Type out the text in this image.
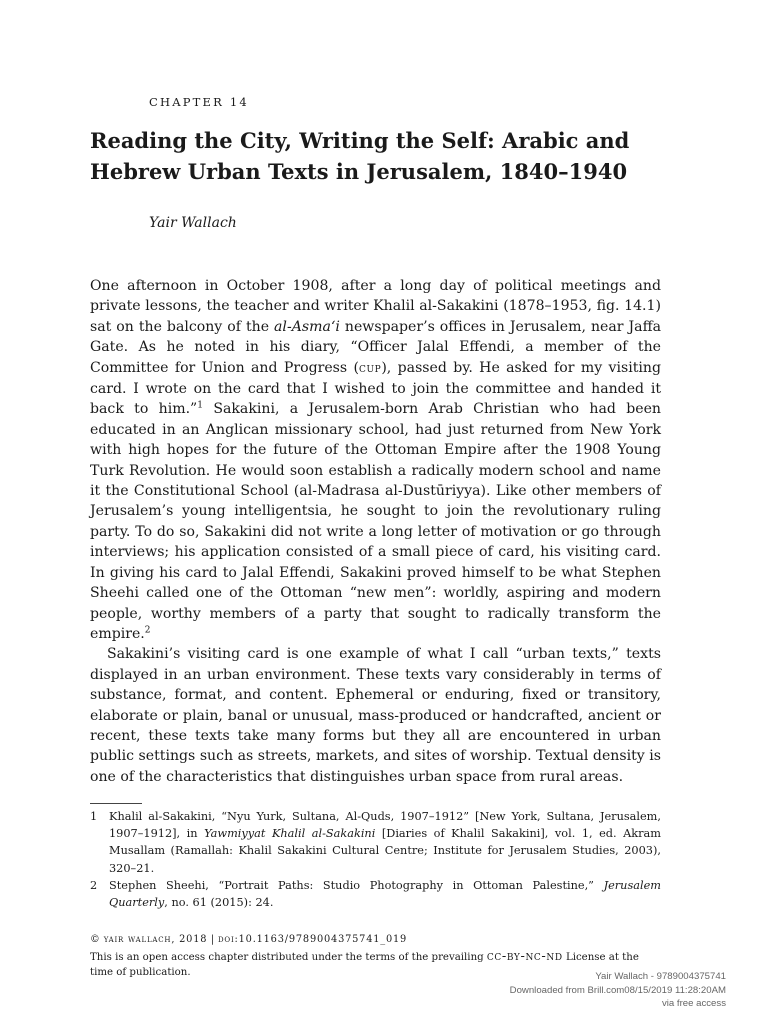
CHAPTER 14
Reading the City, Writing the Self: Arabic and
Hebrew Urban Texts in Jerusalem, 1840–1940
Yair Wallach

One afternoon in October 1908, after a long day of political meetings and private lessons, the teacher and writer Khalil al-Sakakini (1878–1953, fig. 14.1) sat on the balcony of the al-Asma‘i newspaper’s offices in Jerusalem, near Jaffa Gate. As he noted in his diary, “Officer Jalal Effendi, a member of the Committee for Union and Progress (cup), passed by. He asked for my visiting card. I wrote on the card that I wished to join the committee and handed it back to him.”$^1$ Sakakini, a Jerusalem-born Arab Christian who had been educated in an Anglican missionary school, had just returned from New York with high hopes for the future of the Ottoman Empire after the 1908 Young Turk Revolution. He would soon establish a radically modern school and name it the Constitutional School (al-Madrasa al-Dustūriyya). Like other members of Jerusalem’s young intelligentsia, he sought to join the revolutionary ruling party. To do so, Sakakini did not write a long letter of motivation or go through interviews; his application consisted of a small piece of card, his visiting card. In giving his card to Jalal Effendi, Sakakini proved himself to be what Stephen Sheehi called one of the Ottoman “new men”: worldly, aspiring and modern people, worthy members of a party that sought to radically transform the empire.$^2$

Sakakini’s visiting card is one example of what I call “urban texts,” texts displayed in an urban environment. These texts vary considerably in terms of substance, format, and content. Ephemeral or enduring, fixed or transitory, elaborate or plain, banal or unusual, mass-produced or handcrafted, ancient or recent, these texts take many forms but they all are encountered in urban public settings such as streets, markets, and sites of worship. Textual density is one of the characteristics that distinguishes urban space from rural areas.

1 Khalil al-Sakakini, “Nyu Yurk, Sultana, Al-Quds, 1907–1912” [New York, Sultana, Jerusalem, 1907–1912], in Yawmiyyat Khalil al-Sakakini [Diaries of Khalil Sakakini], vol. 1, ed. Akram Musallam (Ramallah: Khalil Sakakini Cultural Centre; Institute for Jerusalem Studies, 2003), 320–21.
2 Stephen Sheehi, “Portrait Paths: Studio Photography in Ottoman Palestine,” Jerusalem Quarterly, no. 61 (2015): 24.
© yair wallach, 2018 | doi:10.1163/9789004375741_019
This is an open access chapter distributed under the terms of the prevailing cc-by-nc-nd License at the time of publication.	Yair Wallach - 9789004375741
Downloaded from Brill.com08/15/2019 11:28:20AM
via free access
